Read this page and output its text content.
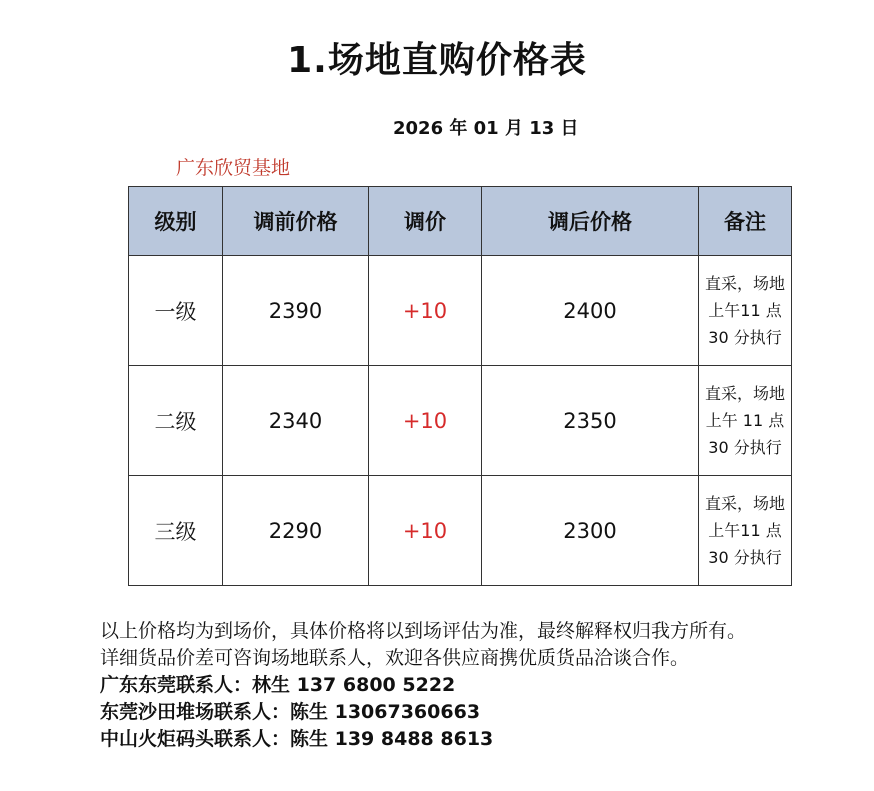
1.场地直购价格表
2026 年 01 月 13 日
广东欣贸基地
级别	调前价格	调价	调后价格	备注
一级	2390	+10	2400	直采，场地上午11 点 30 分执行
二级	2340	+10	2350	直采，场地上午 11 点 30 分执行
三级	2290	+10	2300	直采，场地上午11 点 30 分执行
以上价格均为到场价，具体价格将以到场评估为准，最终解释权归我方所有。
详细货品价差可咨询场地联系人，欢迎各供应商携优质货品洽谈合作。
广东东莞联系人：林生 137 6800 5222
东莞沙田堆场联系人：陈生 13067360663
中山火炬码头联系人：陈生 139 8488 8613
